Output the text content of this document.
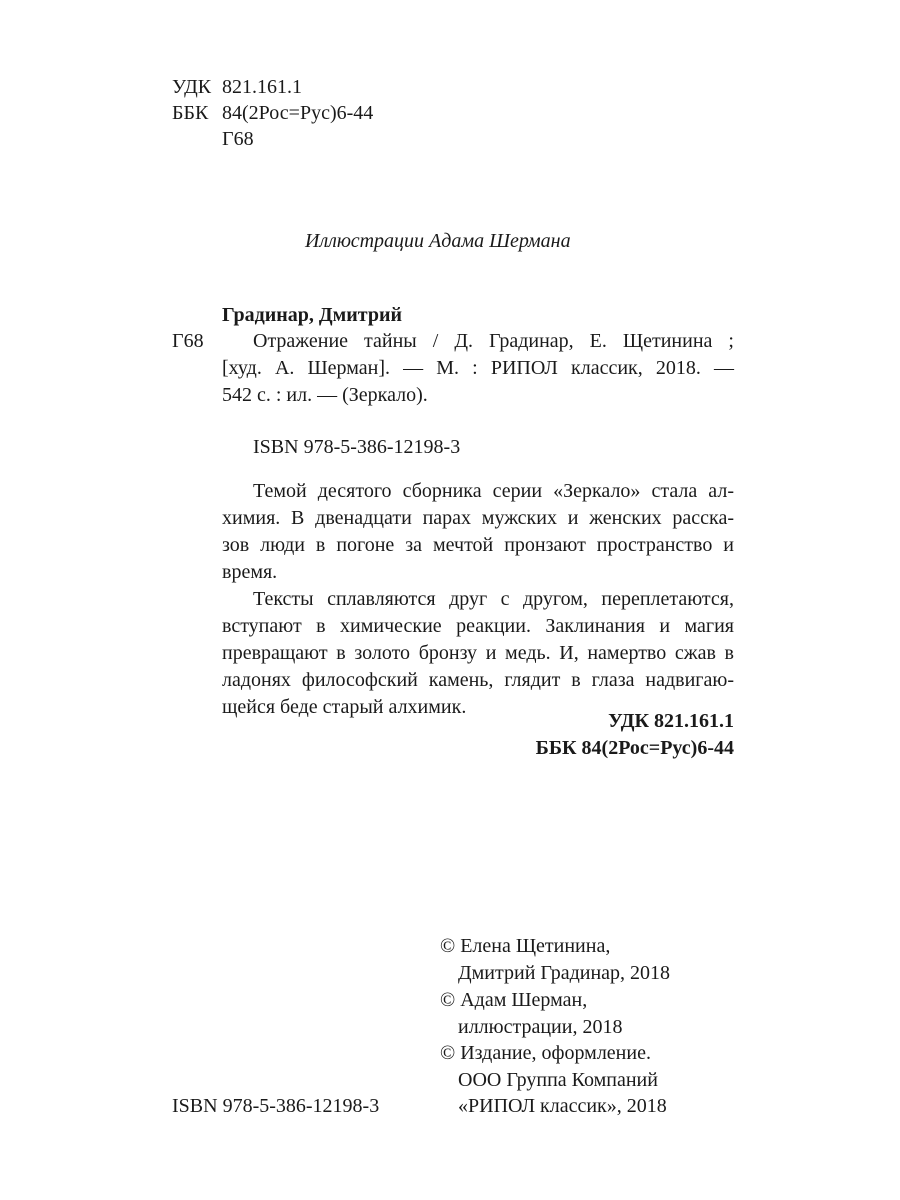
УДК 821.161.1
ББК 84(2Рос=Рус)6-44
Г68
Иллюстрации Адама Шермана
Градинар, Дмитрий
Г68 Отражение тайны / Д. Градинар, Е. Щетинина ;
[худ. А. Шерман]. — М. : РИПОЛ классик, 2018. —
542 с. : ил. — (Зеркало).
ISBN 978-5-386-12198-3
Темой десятого сборника серии «Зеркало» стала ал-
химия. В двенадцати парах мужских и женских расска-
зов люди в погоне за мечтой пронзают пространство и
время.
Тексты сплавляются друг с другом, переплетаются,
вступают в химические реакции. Заклинания и магия
превращают в золото бронзу и медь. И, намертво сжав в
ладонях философский камень, глядит в глаза надвигаю-
щейся беде старый алхимик.
УДК 821.161.1
ББК 84(2Рос=Рус)6-44
© Елена Щетинина,
Дмитрий Градинар, 2018
© Адам Шерман,
иллюстрации, 2018
© Издание, оформление.
ООО Группа Компаний
«РИПОЛ классик», 2018
ISBN 978-5-386-12198-3
